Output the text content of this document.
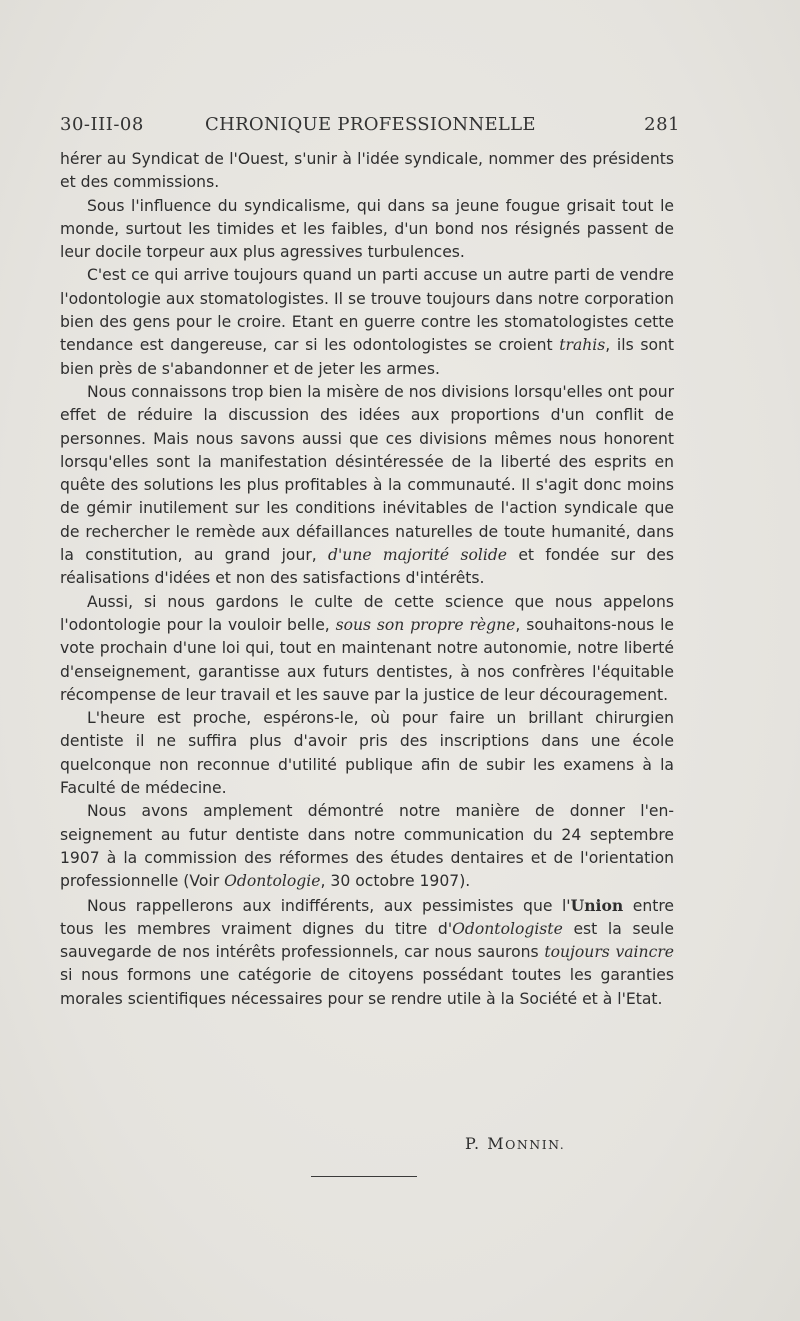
30-III-08	CHRONIQUE PROFESSIONNELLE	281

hérer au Syndicat de l'Ouest, s'unir à l'idée syndicale, nommer des présidents et des commissions.

Sous l'influence du syndicalisme, qui dans sa jeune fougue grisait tout le monde, surtout les timides et les faibles, d'un bond nos résignés passent de leur docile torpeur aux plus agressives turbulences.

C'est ce qui arrive toujours quand un parti accuse un autre parti de vendre l'odontologie aux stomatologistes. Il se trouve toujours dans notre corporation bien des gens pour le croire. Etant en guerre contre les stomatologistes cette tendance est dangereuse, car si les odontologistes se croient trahis, ils sont bien près de s'abandonner et de jeter les armes.

Nous connaissons trop bien la misère de nos divisions lorsqu'elles ont pour effet de réduire la discussion des idées aux proportions d'un conflit de personnes. Mais nous savons aussi que ces divisions mêmes nous honorent lorsqu'elles sont la manifestation désintéressée de la liberté des esprits en quête des solutions les plus profitables à la communauté. Il s'agit donc moins de gémir inutilement sur les conditions inévitables de l'action syndicale que de rechercher le remède aux défaillances naturelles de toute humanité, dans la constitution, au grand jour, d'une majorité solide et fondée sur des réalisations d'idées et non des satisfactions d'intérêts.

Aussi, si nous gardons le culte de cette science que nous appelons l'odontologie pour la vouloir belle, sous son propre règne, souhaitons-nous le vote prochain d'une loi qui, tout en maintenant notre autonomie, notre liberté d'enseignement, garantisse aux futurs dentistes, à nos confrères l'équitable récompense de leur travail et les sauve par la justice de leur découragement.

L'heure est proche, espérons-le, où pour faire un brillant chirurgien dentiste il ne suffira plus d'avoir pris des inscriptions dans une école quelconque non reconnue d'utilité publique afin de subir les examens à la Faculté de médecine.

Nous avons amplement démontré notre manière de donner l'enseignement au futur dentiste dans notre communication du 24 septembre 1907 à la commission des réformes des études dentaires et de l'orientation professionnelle (Voir Odontologie, 30 octobre 1907).

Nous rappellerons aux indifférents, aux pessimistes que l'Union entre tous les membres vraiment dignes du titre d'Odontologiste est la seule sauvegarde de nos intérêts professionnels, car nous saurons toujours vaincre si nous formons une catégorie de citoyens possédant toutes les garanties morales scientifiques nécessaires pour se rendre utile à la Société et à l'Etat.

P. MONNIN.
